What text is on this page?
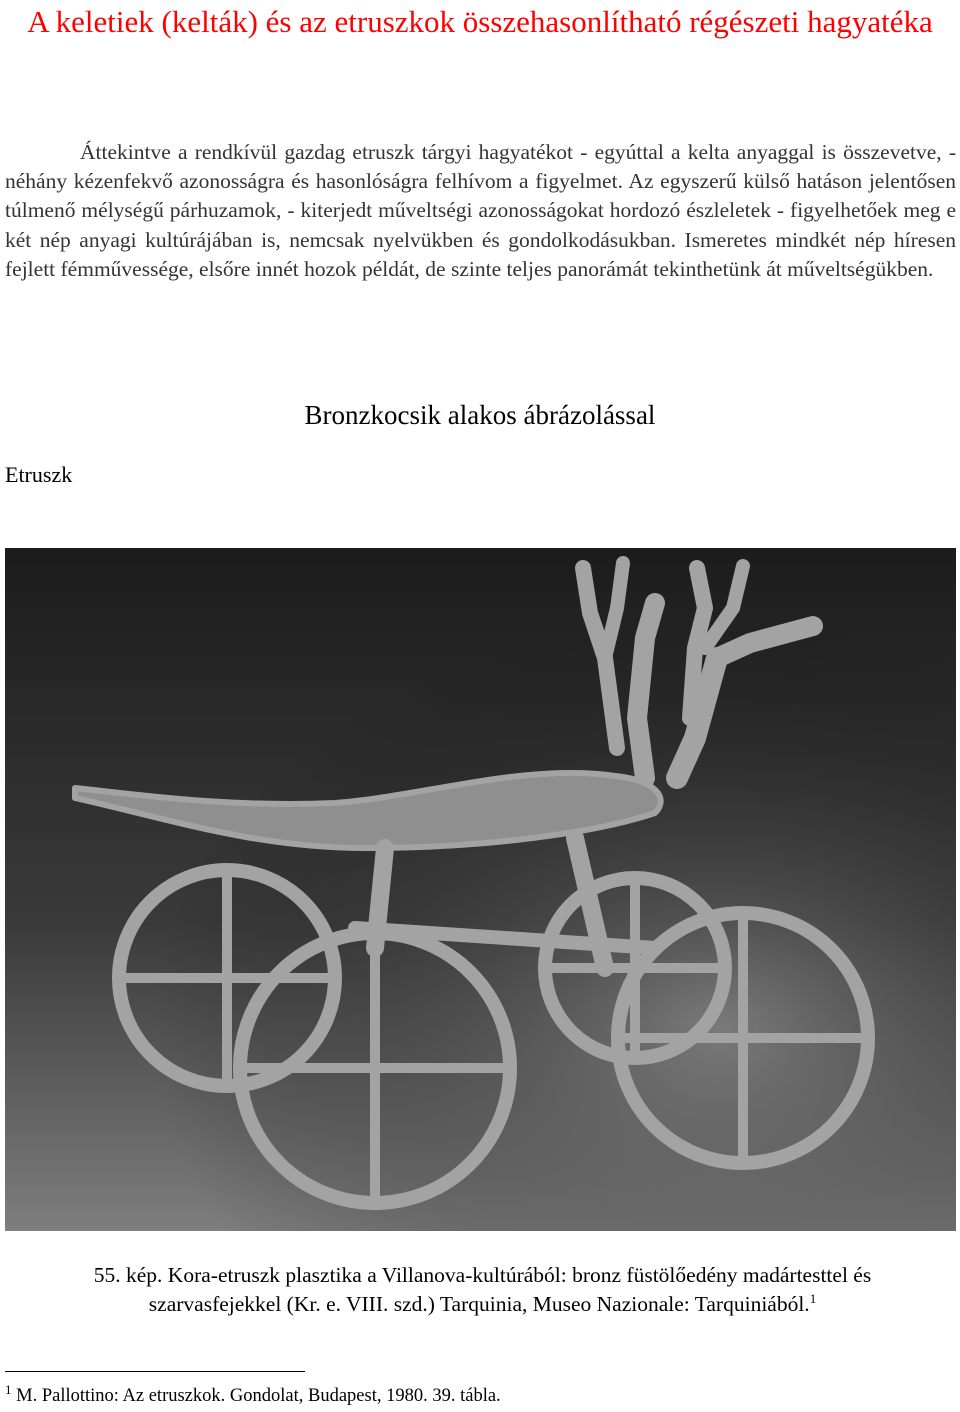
A keletiek (kelták) és az etruszkok összehasonlítható régészeti hagyatéka

Áttekintve a rendkívül gazdag etruszk tárgyi hagyatékot - egyúttal a kelta anyaggal is összevetve, - néhány kézenfekvő azonosságra és hasonlóságra felhívom a figyelmet. Az egyszerű külső hatáson jelentősen túlmenő mélységű párhuzamok, - kiterjedt műveltségi azonosságokat hordozó észleletek - figyelhetőek meg e két nép anyagi kultúrájában is, nemcsak nyelvükben és gondolkodásukban. Ismeretes mindkét nép híresen fejlett fémművessége, elsőre innét hozok példát, de szinte teljes panorámát tekinthetünk át műveltségükben.

Bronzkocsik alakos ábrázolással
Etruszk

55. kép. Kora-etruszk plasztika a Villanova-kultúrából: bronz füstölőedény madártesttel és szarvasfejekkel (Kr. e. VIII. szd.) Tarquinia, Museo Nazionale: Tarquiniából.$^1$

$^1$ M. Pallottino: Az etruszkok. Gondolat, Budapest, 1980. 39. tábla.
